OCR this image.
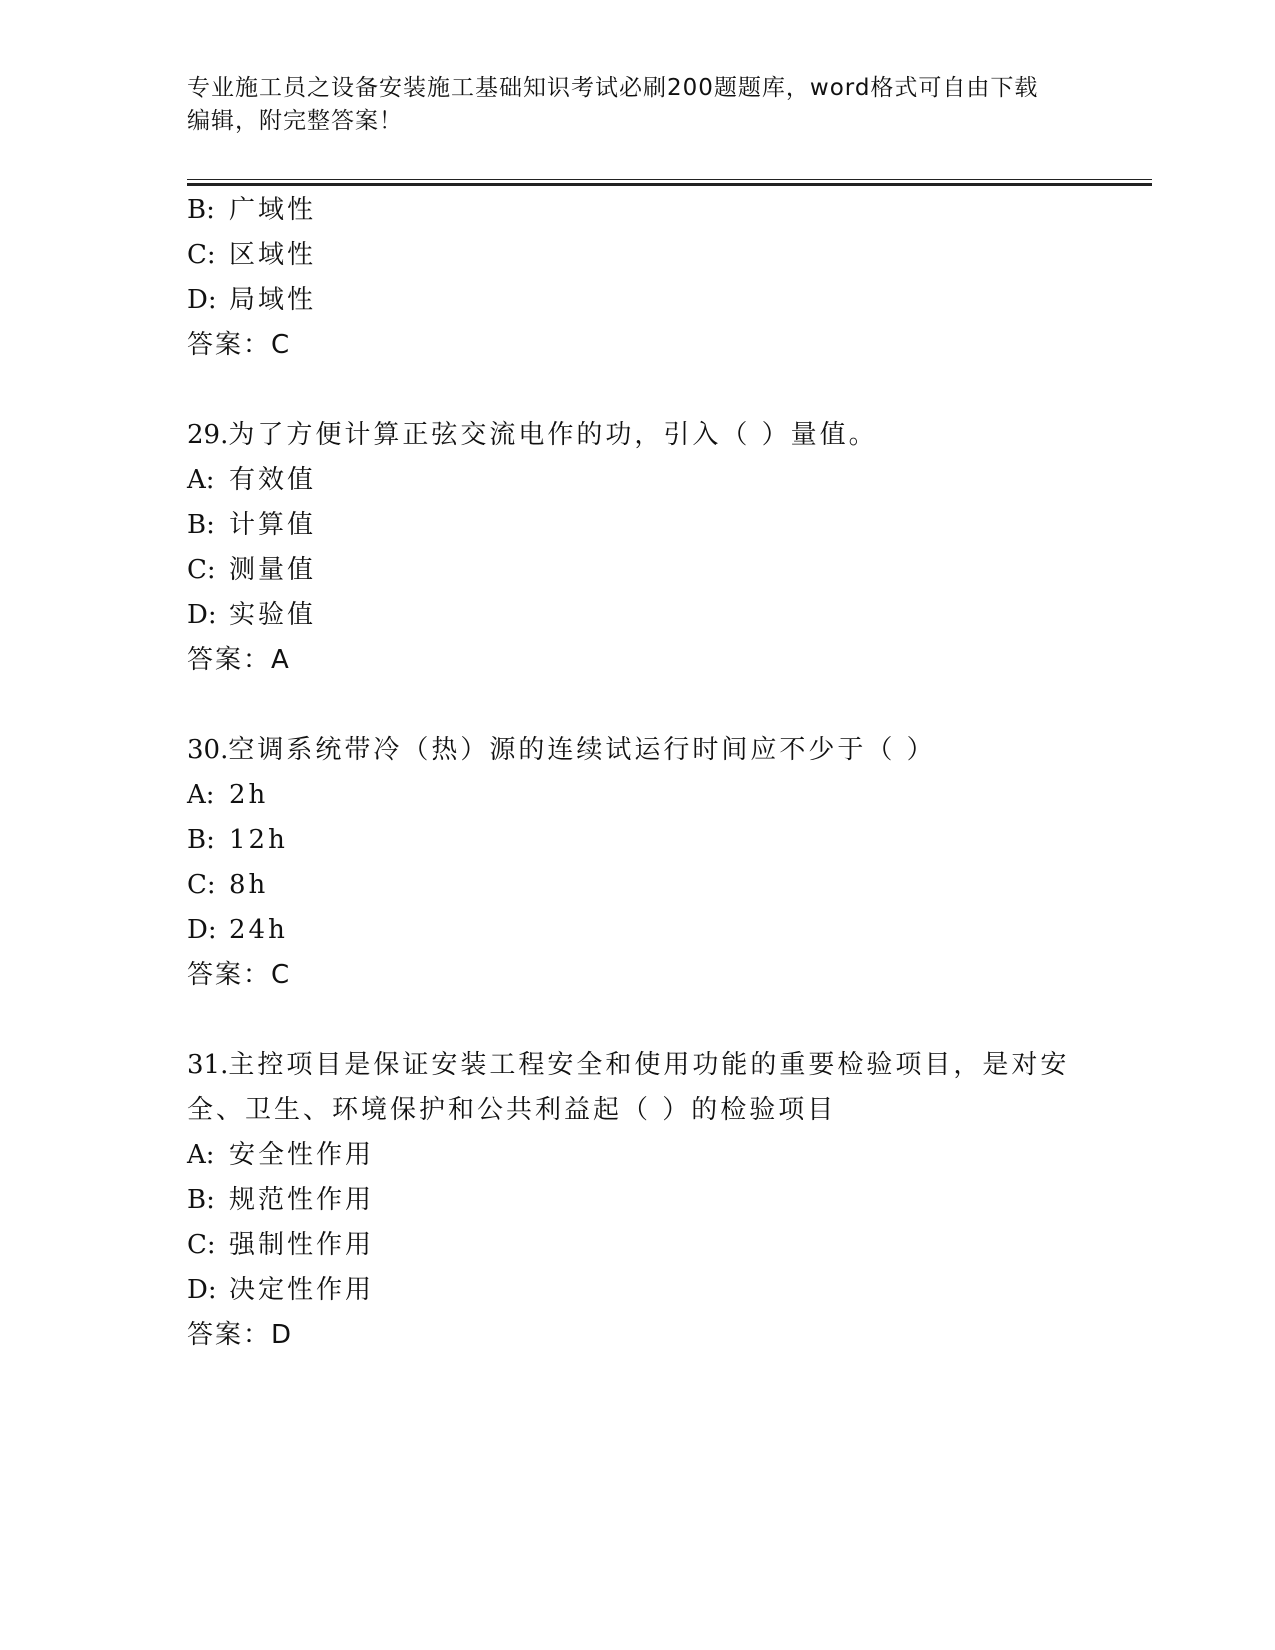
专业施工员之设备安装施工基础知识考试必刷200题题库，word格式可自由下载
编辑，附完整答案！
B: 广域性
C: 区域性
D: 局域性
答案：C
29.为了方便计算正弦交流电作的功，引入（ ）量值。
A: 有效值
B: 计算值
C: 测量值
D: 实验值
答案：A
30.空调系统带冷（热）源的连续试运行时间应不少于（ ）
A: 2h
B: 12h
C: 8h
D: 24h
答案：C
31.主控项目是保证安装工程安全和使用功能的重要检验项目，是对安
全、卫生、环境保护和公共利益起（ ）的检验项目
A: 安全性作用
B: 规范性作用
C: 强制性作用
D: 决定性作用
答案：D
